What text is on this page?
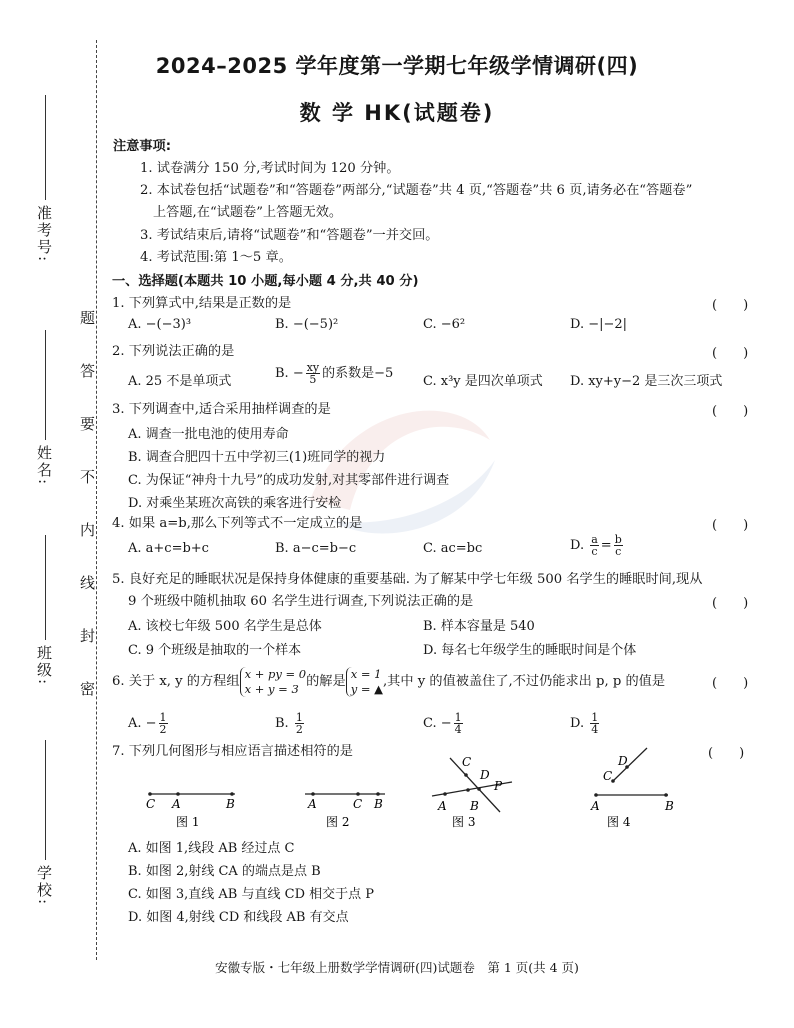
准考号:
姓名:
班级:
学校:
题
答
要
不
内
线
封
密
2024–2025 学年度第一学期七年级学情调研(四)
数 学 HK(试题卷)
注意事项:
1. 试卷满分 150 分,考试时间为 120 分钟。
2. 本试卷包括“试题卷”和“答题卷”两部分,“试题卷”共 4 页,“答题卷”共 6 页,请务必在“答题卷”
上答题,在“试题卷”上答题无效。
3. 考试结束后,请将“试题卷”和“答题卷”一并交回。
4. 考试范围:第 1～5 章。
一、选择题(本题共 10 小题,每小题 4 分,共 40 分)
1. 下列算式中,结果是正数的是	(　　)
A. −(−3)³	B. −(−5)²	C. −6²	D. −|−2|
2. 下列说法正确的是	(　　)
A. 25 不是单项式
B. − $\frac{xy}{5}$ 的系数是−5
C. x³y 是四次单项式 D. xy+y−2 是三次三项式
3. 下列调查中,适合采用抽样调查的是	(　　)
A. 调查一批电池的使用寿命
B. 调查合肥四十五中学初三(1)班同学的视力
C. 为保证“神舟十九号”的成功发射,对其零部件进行调查
D. 对乘坐某班次高铁的乘客进行安检
4. 如果 a=b,那么下列等式不一定成立的是	(　　)
A. a+c=b+c	B. a−c=b−c	C. ac=bc	D. $\frac{a}{c} = \frac{b}{c}$
5. 良好充足的睡眠状况是保持身体健康的重要基础. 为了解某中学七年级 500 名学生的睡眠时间,现从
9 个班级中随机抽取 60 名学生进行调查,下列说法正确的是	(　　)
A. 该校七年级 500 名学生是总体	B. 样本容量是 540
C. 9 个班级是抽取的一个样本	D. 每名七年级学生的睡眠时间是个体
6. 关于 x, y 的方程组
x + py = 0
x + y = 3 的解是
x = 1
y = ▲ ,其中 y 的值被盖住了,不过仍能求出 p, p 的值是	(　　)
A. − $\frac{1}{2}$	B. $\frac{1}{2}$	C. − $\frac{1}{4}$	D. $\frac{1}{4}$
7. 下列几何图形与相应语言描述相符的是	(　　)
C A	B
图 1
A	C B
图 2
C
D
P
A B
图 3
D
C
A	B
图 4
A. 如图 1,线段 AB 经过点 C
B. 如图 2,射线 CA 的端点是点 B
C. 如图 3,直线 AB 与直线 CD 相交于点 P
D. 如图 4,射线 CD 和线段 AB 有交点
安徽专版・七年级上册数学学情调研(四)试题卷　第 1 页(共 4 页)
